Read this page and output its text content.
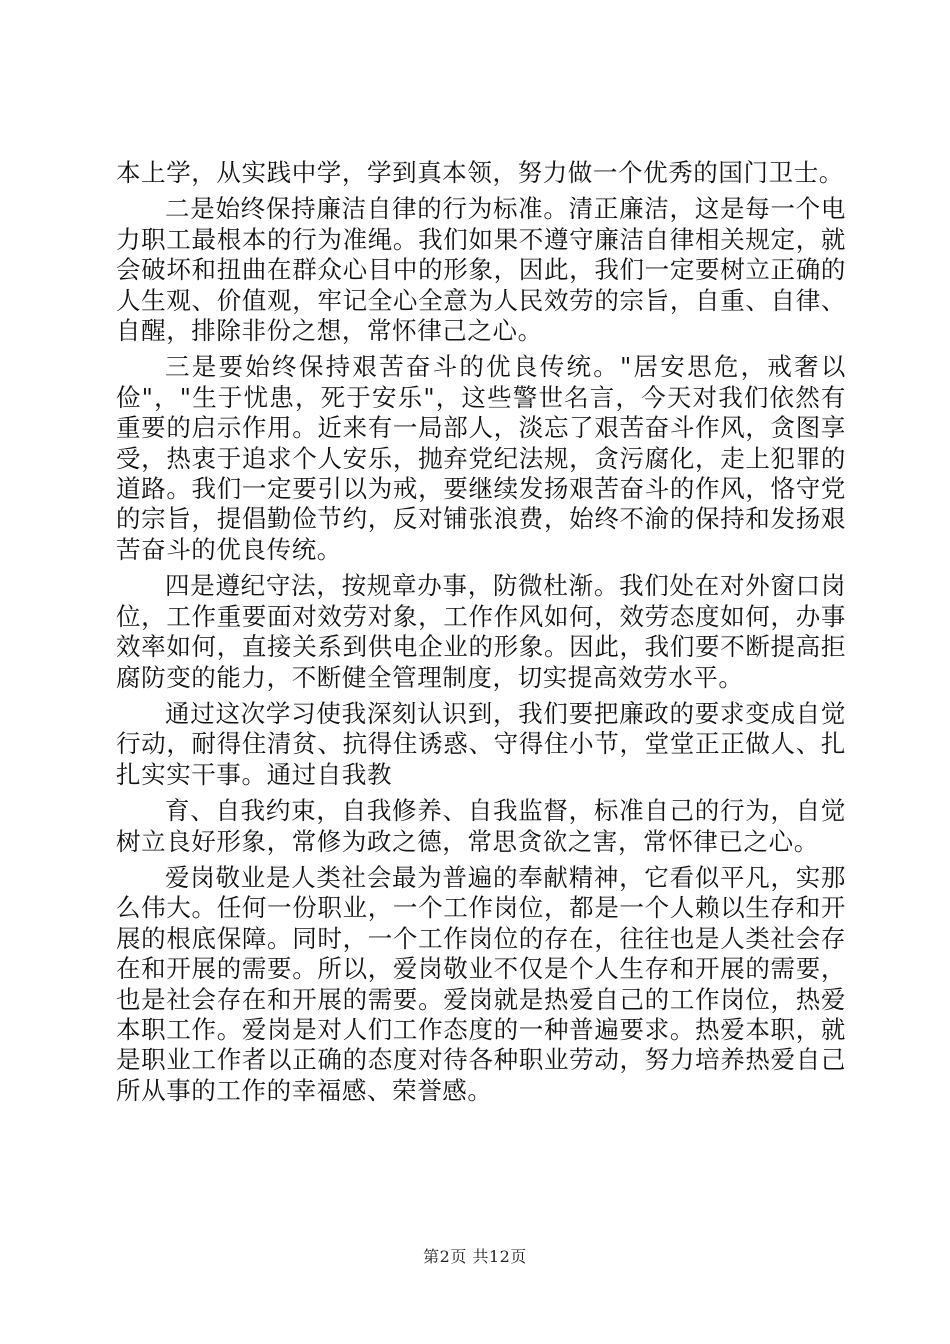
本上学，从实践中学，学到真本领，努力做一个优秀的国门卫士。

二是始终保持廉洁自律的行为标准。清正廉洁，这是每一个电力职工最根本的行为准绳。我们如果不遵守廉洁自律相关规定，就会破坏和扭曲在群众心目中的形象，因此，我们一定要树立正确的人生观、价值观，牢记全心全意为人民效劳的宗旨，自重、自律、自醒，排除非份之想，常怀律己之心。

三是要始终保持艰苦奋斗的优良传统。"居安思危，戒奢以俭"，"生于忧患，死于安乐"，这些警世名言，今天对我们依然有重要的启示作用。近来有一局部人，淡忘了艰苦奋斗作风，贪图享受，热衷于追求个人安乐，抛弃党纪法规，贪污腐化，走上犯罪的道路。我们一定要引以为戒，要继续发扬艰苦奋斗的作风，恪守党的宗旨，提倡勤俭节约，反对铺张浪费，始终不渝的保持和发扬艰苦奋斗的优良传统。

四是遵纪守法，按规章办事，防微杜渐。我们处在对外窗口岗位，工作重要面对效劳对象，工作作风如何，效劳态度如何，办事效率如何，直接关系到供电企业的形象。因此，我们要不断提高拒腐防变的能力，不断健全管理制度，切实提高效劳水平。

通过这次学习使我深刻认识到，我们要把廉政的要求变成自觉行动，耐得住清贫、抗得住诱惑、守得住小节，堂堂正正做人、扎扎实实干事。通过自我教

育、自我约束，自我修养、自我监督，标准自己的行为，自觉树立良好形象，常修为政之德，常思贪欲之害，常怀律已之心。

爱岗敬业是人类社会最为普遍的奉献精神，它看似平凡，实那么伟大。任何一份职业，一个工作岗位，都是一个人赖以生存和开展的根底保障。同时，一个工作岗位的存在，往往也是人类社会存在和开展的需要。所以，爱岗敬业不仅是个人生存和开展的需要，也是社会存在和开展的需要。爱岗就是热爱自己的工作岗位，热爱本职工作。爱岗是对人们工作态度的一种普遍要求。热爱本职，就是职业工作者以正确的态度对待各种职业劳动，努力培养热爱自己所从事的工作的幸福感、荣誉感。

第2页 共12页
